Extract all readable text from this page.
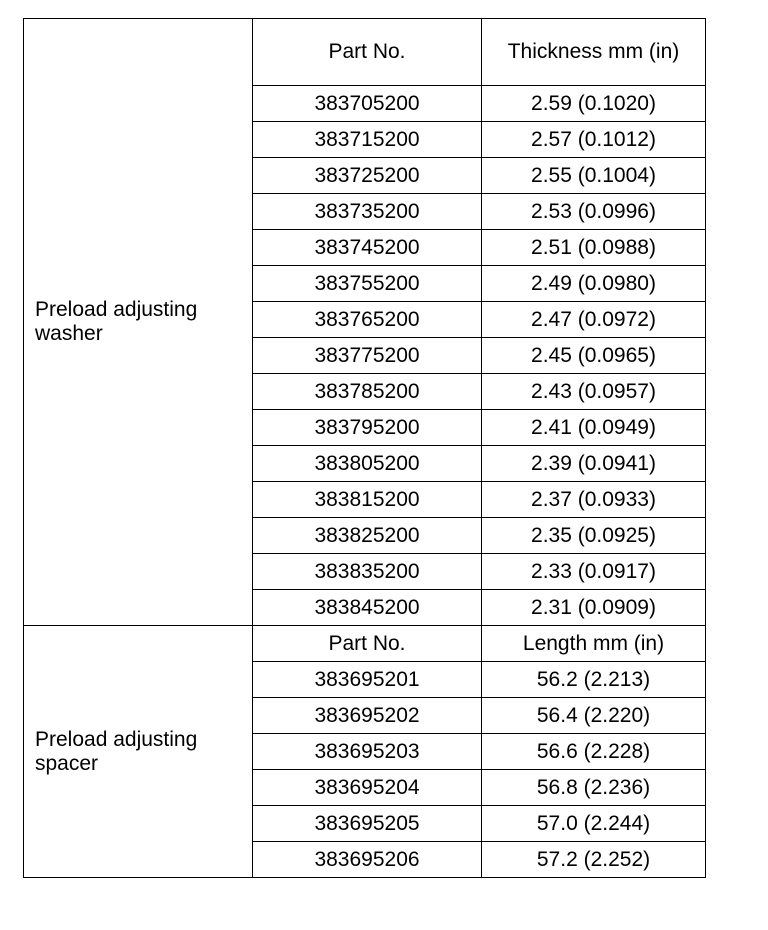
Preload adjusting washer	Part No.	Thickness mm (in)
	383705200	2.59 (0.1020)
	383715200	2.57 (0.1012)
	383725200	2.55 (0.1004)
	383735200	2.53 (0.0996)
	383745200	2.51 (0.0988)
	383755200	2.49 (0.0980)
	383765200	2.47 (0.0972)
	383775200	2.45 (0.0965)
	383785200	2.43 (0.0957)
	383795200	2.41 (0.0949)
	383805200	2.39 (0.0941)
	383815200	2.37 (0.0933)
	383825200	2.35 (0.0925)
	383835200	2.33 (0.0917)
	383845200	2.31 (0.0909)
Preload adjusting spacer	Part No.	Length mm (in)
	383695201	56.2 (2.213)
	383695202	56.4 (2.220)
	383695203	56.6 (2.228)
	383695204	56.8 (2.236)
	383695205	57.0 (2.244)
	383695206	57.2 (2.252)
